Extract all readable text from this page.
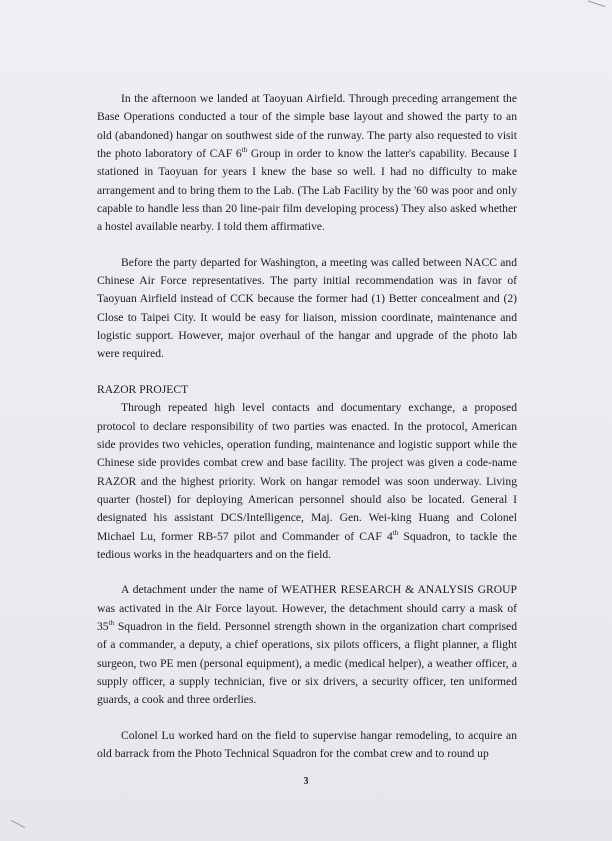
In the afternoon we landed at Taoyuan Airfield. Through preceding arrangement the Base Operations conducted a tour of the simple base layout and showed the party to an old (abandoned) hangar on southwest side of the runway. The party also requested to visit the photo laboratory of CAF 6th Group in order to know the latter's capability. Because I stationed in Taoyuan for years I knew the base so well. I had no difficulty to make arrangement and to bring them to the Lab. (The Lab Facility by the '60 was poor and only capable to handle less than 20 line-pair film developing process) They also asked whether a hostel available nearby. I told them affirmative.

Before the party departed for Washington, a meeting was called between NACC and Chinese Air Force representatives. The party initial recommendation was in favor of Taoyuan Airfield instead of CCK because the former had (1) Better concealment and (2) Close to Taipei City. It would be easy for liaison, mission coordinate, maintenance and logistic support. However, major overhaul of the hangar and upgrade of the photo lab were required.

RAZOR PROJECT

Through repeated high level contacts and documentary exchange, a proposed protocol to declare responsibility of two parties was enacted. In the protocol, American side provides two vehicles, operation funding, maintenance and logistic support while the Chinese side provides combat crew and base facility. The project was given a code-name RAZOR and the highest priority. Work on hangar remodel was soon underway. Living quarter (hostel) for deploying American personnel should also be located. General I designated his assistant DCS/Intelligence, Maj. Gen. Wei-king Huang and Colonel Michael Lu, former RB-57 pilot and Commander of CAF 4th Squadron, to tackle the tedious works in the headquarters and on the field.

A detachment under the name of WEATHER RESEARCH & ANALYSIS GROUP was activated in the Air Force layout. However, the detachment should carry a mask of 35th Squadron in the field. Personnel strength shown in the organization chart comprised of a commander, a deputy, a chief operations, six pilots officers, a flight planner, a flight surgeon, two PE men (personal equipment), a medic (medical helper), a weather officer, a supply officer, a supply technician, five or six drivers, a security officer, ten uniformed guards, a cook and three orderlies.

Colonel Lu worked hard on the field to supervise hangar remodeling, to acquire an old barrack from the Photo Technical Squadron for the combat crew and to round up

3
